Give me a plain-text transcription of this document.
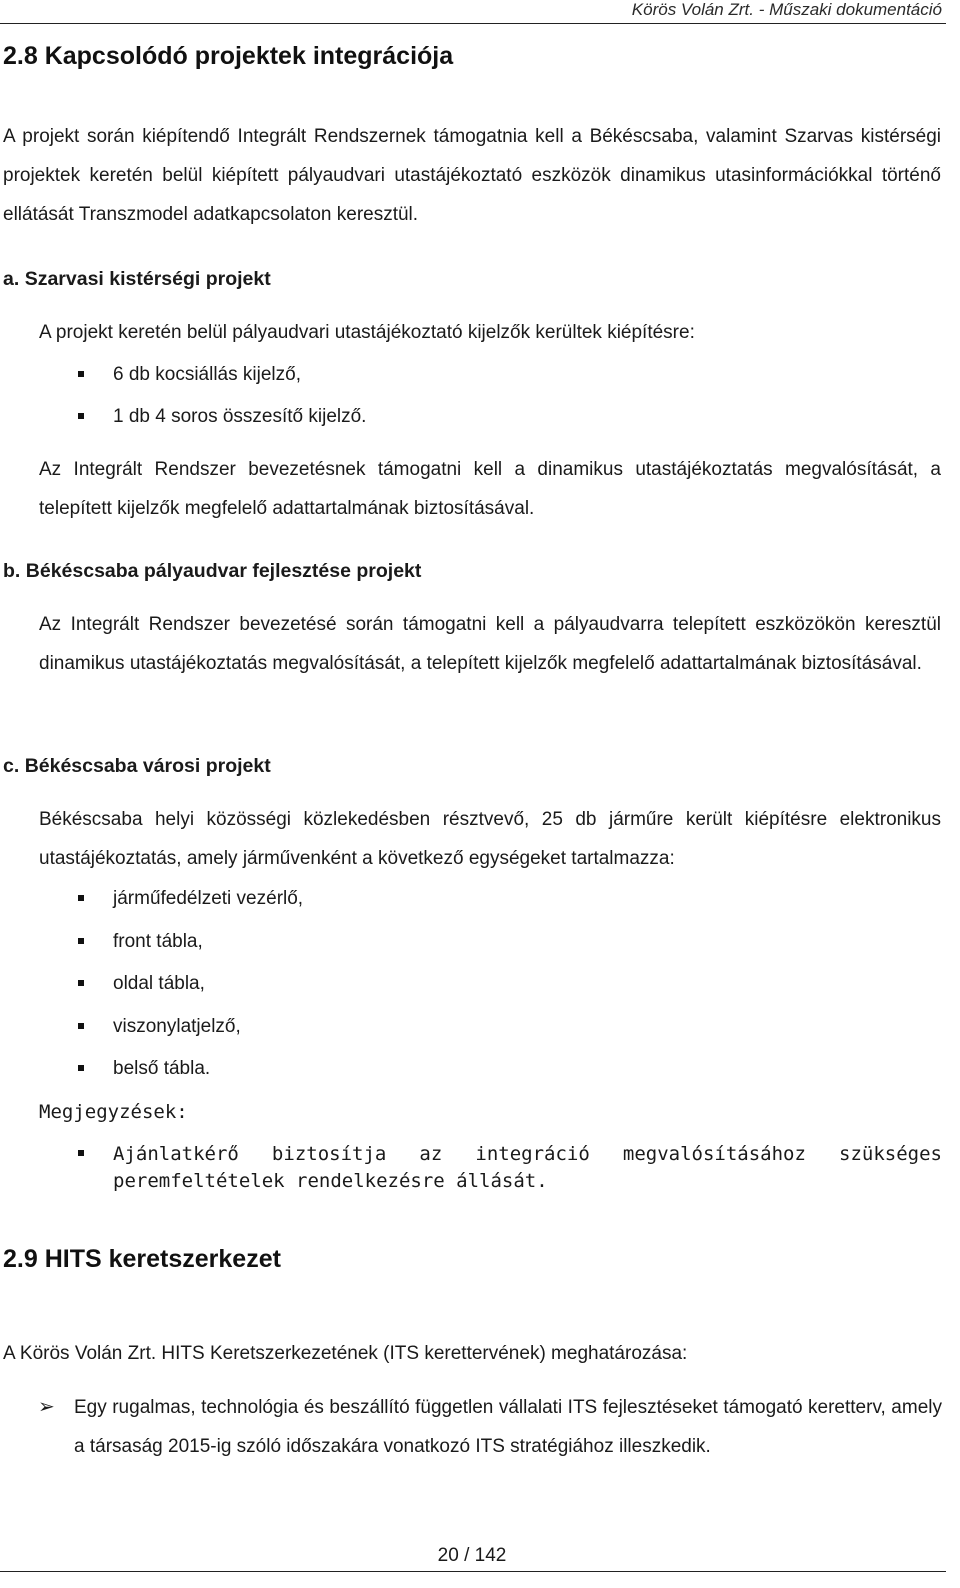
Körös Volán Zrt. - Műszaki dokumentáció
2.8 Kapcsolódó projektek integrációja
A projekt során kiépítendő Integrált Rendszernek támogatnia kell a Békéscsaba, valamint Szarvas kistérségi projektek keretén belül kiépített pályaudvari utastájékoztató eszközök dinamikus utasinformációkkal történő ellátását Transzmodel adatkapcsolaton keresztül.
a. Szarvasi kistérségi projekt
A projekt keretén belül pályaudvari utastájékoztató kijelzők kerültek kiépítésre:
6 db kocsiállás kijelző,
1 db 4 soros összesítő kijelző.
Az Integrált Rendszer bevezetésnek támogatni kell a dinamikus utastájékoztatás megvalósítását, a telepített kijelzők megfelelő adattartalmának biztosításával.
b. Békéscsaba pályaudvar fejlesztése projekt
Az Integrált Rendszer bevezetésé során támogatni kell a pályaudvarra telepített eszközökön keresztül dinamikus utastájékoztatás megvalósítását, a telepített kijelzők megfelelő adattartalmának biztosításával.
c. Békéscsaba városi projekt
Békéscsaba helyi közösségi közlekedésben résztvevő, 25 db járműre került kiépítésre elektronikus utastájékoztatás, amely járművenként a következő egységeket tartalmazza:
járműfedélzeti vezérlő,
front tábla,
oldal tábla,
viszonylatjelző,
belső tábla.
Megjegyzések:
Ajánlatkérő biztosítja az integráció megvalósításához szükséges peremfeltételek rendelkezésre állását.
2.9 HITS keretszerkezet
A Körös Volán Zrt. HITS Keretszerkezetének (ITS kerettervének) meghatározása:
➢	Egy rugalmas, technológia és beszállító független vállalati ITS fejlesztéseket támogató keretterv, amely a társaság 2015-ig szóló időszakára vonatkozó ITS stratégiához illeszkedik.
20 / 142
